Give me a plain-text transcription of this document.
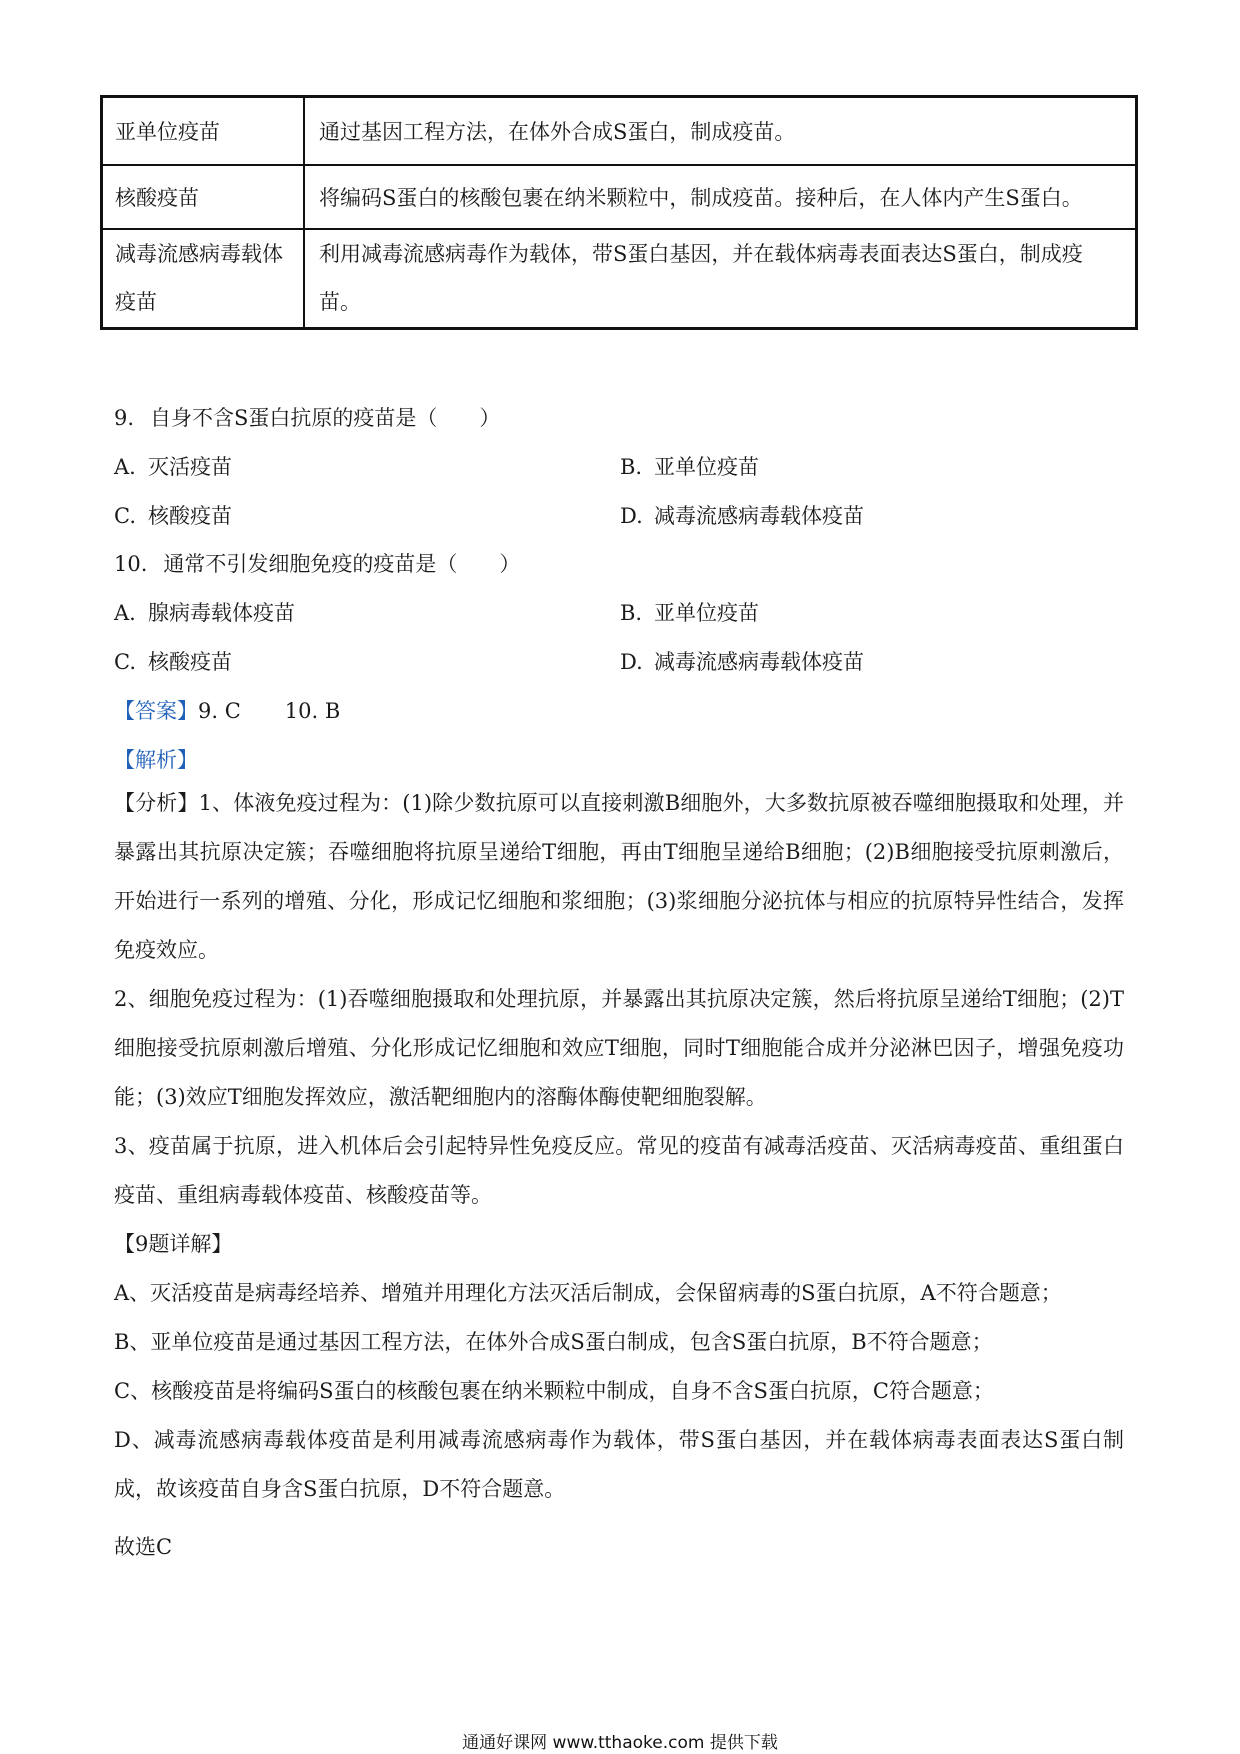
亚单位疫苗	通过基因工程方法，在体外合成S蛋白，制成疫苗。
核酸疫苗	将编码S蛋白的核酸包裹在纳米颗粒中，制成疫苗。接种后，在人体内产生S蛋白。
减毒流感病毒载体疫苗	利用减毒流感病毒作为载体，带S蛋白基因，并在载体病毒表面表达S蛋白，制成疫苗。
9. 自身不含S蛋白抗原的疫苗是（　　）
A. 灭活疫苗	B. 亚单位疫苗
C. 核酸疫苗	D. 减毒流感病毒载体疫苗
10. 通常不引发细胞免疫的疫苗是（　　）
A. 腺病毒载体疫苗	B. 亚单位疫苗
C. 核酸疫苗	D. 减毒流感病毒载体疫苗
【答案】9. C 10. B
【解析】
【分析】1、体液免疫过程为：(1)除少数抗原可以直接刺激B细胞外，大多数抗原被吞噬细胞摄取和处理，并暴露出其抗原决定簇；吞噬细胞将抗原呈递给T细胞，再由T细胞呈递给B细胞；(2)B细胞接受抗原刺激后，开始进行一系列的增殖、分化，形成记忆细胞和浆细胞；(3)浆细胞分泌抗体与相应的抗原特异性结合，发挥免疫效应。
2、细胞免疫过程为：(1)吞噬细胞摄取和处理抗原，并暴露出其抗原决定簇，然后将抗原呈递给T细胞；(2)T细胞接受抗原刺激后增殖、分化形成记忆细胞和效应T细胞，同时T细胞能合成并分泌淋巴因子，增强免疫功能；(3)效应T细胞发挥效应，激活靶细胞内的溶酶体酶使靶细胞裂解。
3、疫苗属于抗原，进入机体后会引起特异性免疫反应。常见的疫苗有减毒活疫苗、灭活病毒疫苗、重组蛋白疫苗、重组病毒载体疫苗、核酸疫苗等。
【9题详解】
A、灭活疫苗是病毒经培养、增殖并用理化方法灭活后制成，会保留病毒的S蛋白抗原，A不符合题意；
B、亚单位疫苗是通过基因工程方法，在体外合成S蛋白制成，包含S蛋白抗原，B不符合题意；
C、核酸疫苗是将编码S蛋白的核酸包裹在纳米颗粒中制成，自身不含S蛋白抗原，C符合题意；
D、减毒流感病毒载体疫苗是利用减毒流感病毒作为载体，带S蛋白基因，并在载体病毒表面表达S蛋白制成，故该疫苗自身含S蛋白抗原，D不符合题意。
故选C
通通好课网 www.tthaoke.com 提供下载
